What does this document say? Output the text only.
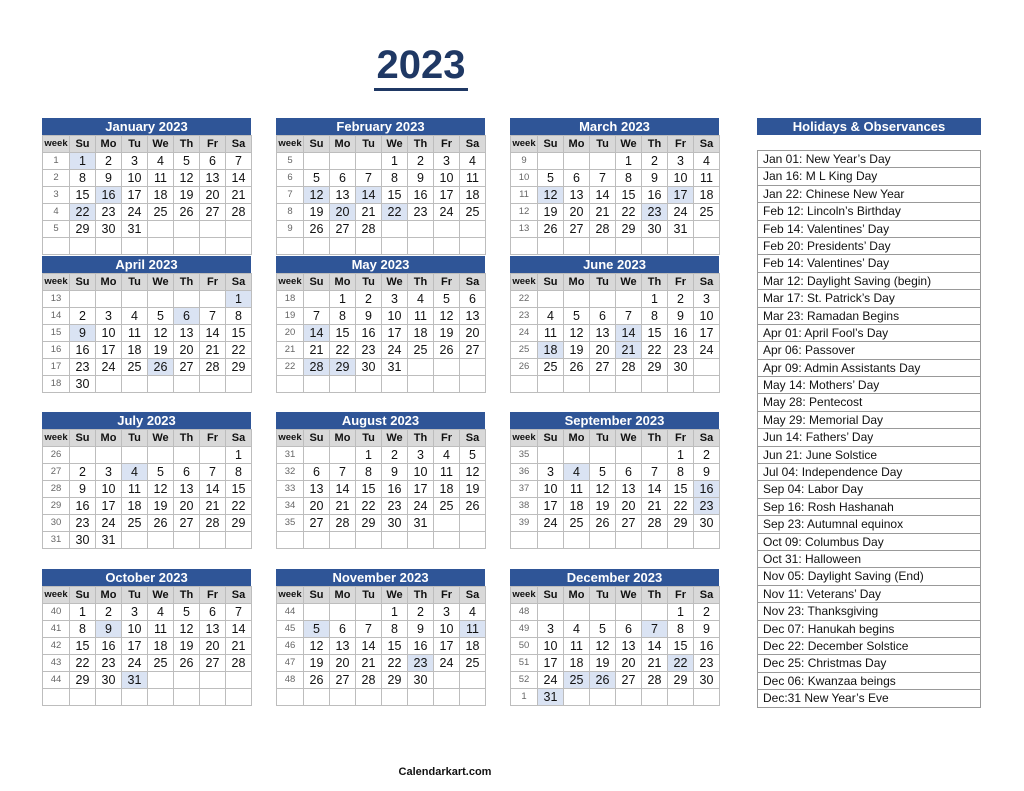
2023
January 2023
week	Su	Mo	Tu	We	Th	Fr	Sa
1	1	2	3	4	5	6	7
2	8	9	10	11	12	13	14
3	15	16	17	18	19	20	21
4	22	23	24	25	26	27	28
5	29	30	31				

February 2023
week	Su	Mo	Tu	We	Th	Fr	Sa
5				1	2	3	4
6	5	6	7	8	9	10	11
7	12	13	14	15	16	17	18
8	19	20	21	22	23	24	25
9	26	27	28				

March 2023
week	Su	Mo	Tu	We	Th	Fr	Sa
9				1	2	3	4
10	5	6	7	8	9	10	11
11	12	13	14	15	16	17	18
12	19	20	21	22	23	24	25
13	26	27	28	29	30	31	

April 2023
week	Su	Mo	Tu	We	Th	Fr	Sa
13							1
14	2	3	4	5	6	7	8
15	9	10	11	12	13	14	15
16	16	17	18	19	20	21	22
17	23	24	25	26	27	28	29
18	30						
May 2023
week	Su	Mo	Tu	We	Th	Fr	Sa
18		1	2	3	4	5	6
19	7	8	9	10	11	12	13
20	14	15	16	17	18	19	20
21	21	22	23	24	25	26	27
22	28	29	30	31			

June 2023
week	Su	Mo	Tu	We	Th	Fr	Sa
22					1	2	3
23	4	5	6	7	8	9	10
24	11	12	13	14	15	16	17
25	18	19	20	21	22	23	24
26	25	26	27	28	29	30	

July 2023
week	Su	Mo	Tu	We	Th	Fr	Sa
26							1
27	2	3	4	5	6	7	8
28	9	10	11	12	13	14	15
29	16	17	18	19	20	21	22
30	23	24	25	26	27	28	29
31	30	31					
August 2023
week	Su	Mo	Tu	We	Th	Fr	Sa
31			1	2	3	4	5
32	6	7	8	9	10	11	12
33	13	14	15	16	17	18	19
34	20	21	22	23	24	25	26
35	27	28	29	30	31		

September 2023
week	Su	Mo	Tu	We	Th	Fr	Sa
35						1	2
36	3	4	5	6	7	8	9
37	10	11	12	13	14	15	16
38	17	18	19	20	21	22	23
39	24	25	26	27	28	29	30

October 2023
week	Su	Mo	Tu	We	Th	Fr	Sa
40	1	2	3	4	5	6	7
41	8	9	10	11	12	13	14
42	15	16	17	18	19	20	21
43	22	23	24	25	26	27	28
44	29	30	31				

November 2023
week	Su	Mo	Tu	We	Th	Fr	Sa
44				1	2	3	4
45	5	6	7	8	9	10	11
46	12	13	14	15	16	17	18
47	19	20	21	22	23	24	25
48	26	27	28	29	30		

December 2023
week	Su	Mo	Tu	We	Th	Fr	Sa
48						1	2
49	3	4	5	6	7	8	9
50	10	11	12	13	14	15	16
51	17	18	19	20	21	22	23
52	24	25	26	27	28	29	30
1	31						
Holidays & Observances
Jan 01: New Year’s Day
Jan 16: M L King Day
Jan 22: Chinese New Year
Feb 12: Lincoln’s Birthday
Feb 14: Valentines’ Day
Feb 20: Presidents’ Day
Feb 14: Valentines’ Day
Mar 12: Daylight Saving (begin)
Mar 17: St. Patrick’s Day
Mar 23: Ramadan Begins
Apr 01: April Fool’s Day
Apr 06: Passover
Apr 09: Admin Assistants Day
May 14: Mothers’ Day
May 28: Pentecost
May 29: Memorial Day
Jun 14: Fathers’ Day
Jun 21: June Solstice
Jul 04: Independence Day
Sep 04: Labor Day
Sep 16: Rosh Hashanah
Sep 23: Autumnal equinox
Oct 09: Columbus Day
Oct 31: Halloween
Nov 05: Daylight Saving (End)
Nov 11: Veterans’ Day
Nov 23: Thanksgiving
Dec 07: Hanukah begins
Dec 22: December Solstice
Dec 25: Christmas Day
Dec 06: Kwanzaa beings
Dec:31 New Year’s Eve
Calendarkart.com
